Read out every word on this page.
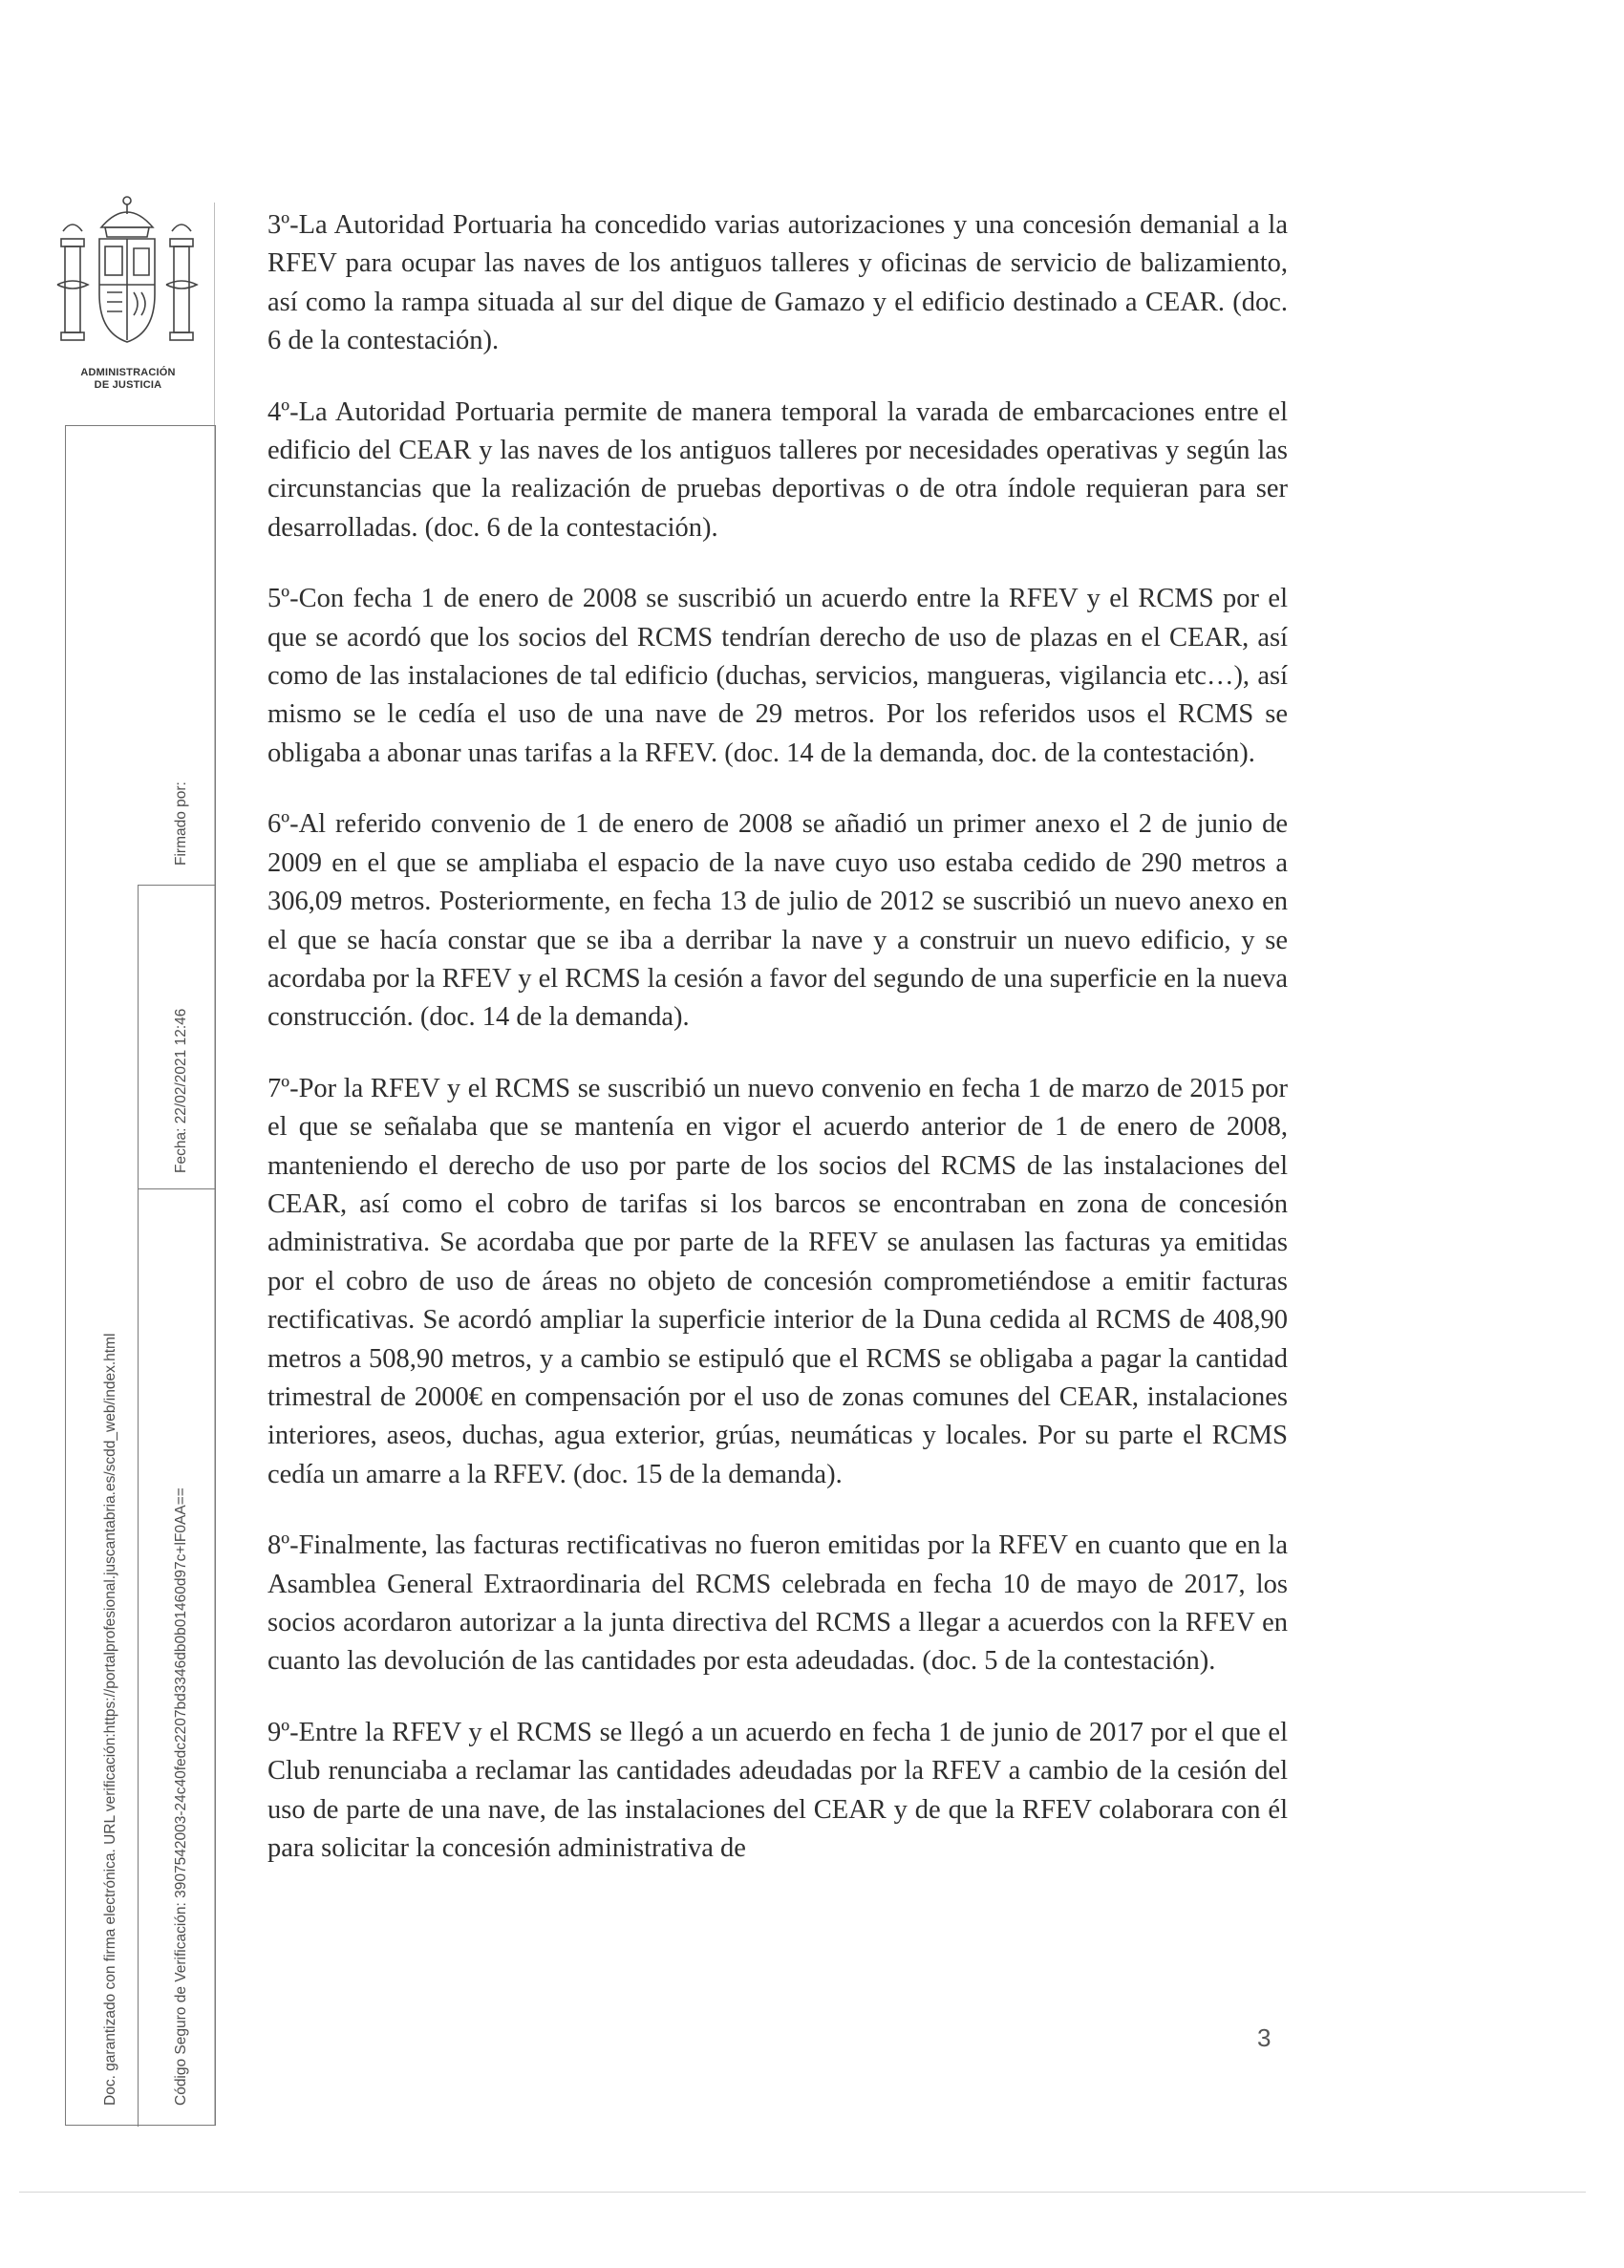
ADMINISTRACIÓN
DE JUSTICIA
Firmado por:
Fecha: 22/02/2021 12:46
Doc. garantizado con firma electrónica. URL verificación:https://portalprofesional.juscantabria.es/scdd_web/index.html	Código Seguro de Verificación: 3907542003-24c40fedc2207bd3346db0b01460d97c+lF0AA==

3º-La Autoridad Portuaria ha concedido varias autorizaciones y una concesión demanial a la RFEV para ocupar las naves de los antiguos talleres y oficinas de servicio de balizamiento, así como la rampa situada al sur del dique de Gamazo y el edificio destinado a CEAR. (doc. 6 de la contestación).

4º-La Autoridad Portuaria permite de manera temporal la varada de embarcaciones entre el edificio del CEAR y las naves de los antiguos talleres por necesidades operativas y según las circunstancias que la realización de pruebas deportivas o de otra índole requieran para ser desarrolladas. (doc. 6 de la contestación).

5º-Con fecha 1 de enero de 2008 se suscribió un acuerdo entre la RFEV y el RCMS por el que se acordó que los socios del RCMS tendrían derecho de uso de plazas en el CEAR, así como de las instalaciones de tal edificio (duchas, servicios, mangueras, vigilancia etc…), así mismo se le cedía el uso de una nave de 29 metros. Por los referidos usos el RCMS se obligaba a abonar unas tarifas a la RFEV. (doc. 14 de la demanda, doc. de la contestación).

6º-Al referido convenio de 1 de enero de 2008 se añadió un primer anexo el 2 de junio de 2009 en el que se ampliaba el espacio de la nave cuyo uso estaba cedido de 290 metros a 306,09 metros. Posteriormente, en fecha 13 de julio de 2012 se suscribió un nuevo anexo en el que se hacía constar que se iba a derribar la nave y a construir un nuevo edificio, y se acordaba por la RFEV y el RCMS la cesión a favor del segundo de una superficie en la nueva construcción. (doc. 14 de la demanda).

7º-Por la RFEV y el RCMS se suscribió un nuevo convenio en fecha 1 de marzo de 2015 por el que se señalaba que se mantenía en vigor el acuerdo anterior de 1 de enero de 2008, manteniendo el derecho de uso por parte de los socios del RCMS de las instalaciones del CEAR, así como el cobro de tarifas si los barcos se encontraban en zona de concesión administrativa. Se acordaba que por parte de la RFEV se anulasen las facturas ya emitidas por el cobro de uso de áreas no objeto de concesión comprometiéndose a emitir facturas rectificativas. Se acordó ampliar la superficie interior de la Duna cedida al RCMS de 408,90 metros a 508,90 metros, y a cambio se estipuló que el RCMS se obligaba a pagar la cantidad trimestral de 2000€ en compensación por el uso de zonas comunes del CEAR, instalaciones interiores, aseos, duchas, agua exterior, grúas, neumáticas y locales. Por su parte el RCMS cedía un amarre a la RFEV. (doc. 15 de la demanda).

8º-Finalmente, las facturas rectificativas no fueron emitidas por la RFEV en cuanto que en la Asamblea General Extraordinaria del RCMS celebrada en fecha 10 de mayo de 2017, los socios acordaron autorizar a la junta directiva del RCMS a llegar a acuerdos con la RFEV en cuanto las devolución de las cantidades por esta adeudadas. (doc. 5 de la contestación).

9º-Entre la RFEV y el RCMS se llegó a un acuerdo en fecha 1 de junio de 2017 por el que el Club renunciaba a reclamar las cantidades adeudadas por la RFEV a cambio de la cesión del uso de parte de una nave, de las instalaciones del CEAR y de que la RFEV colaborara con él para solicitar la concesión administrativa de

3
